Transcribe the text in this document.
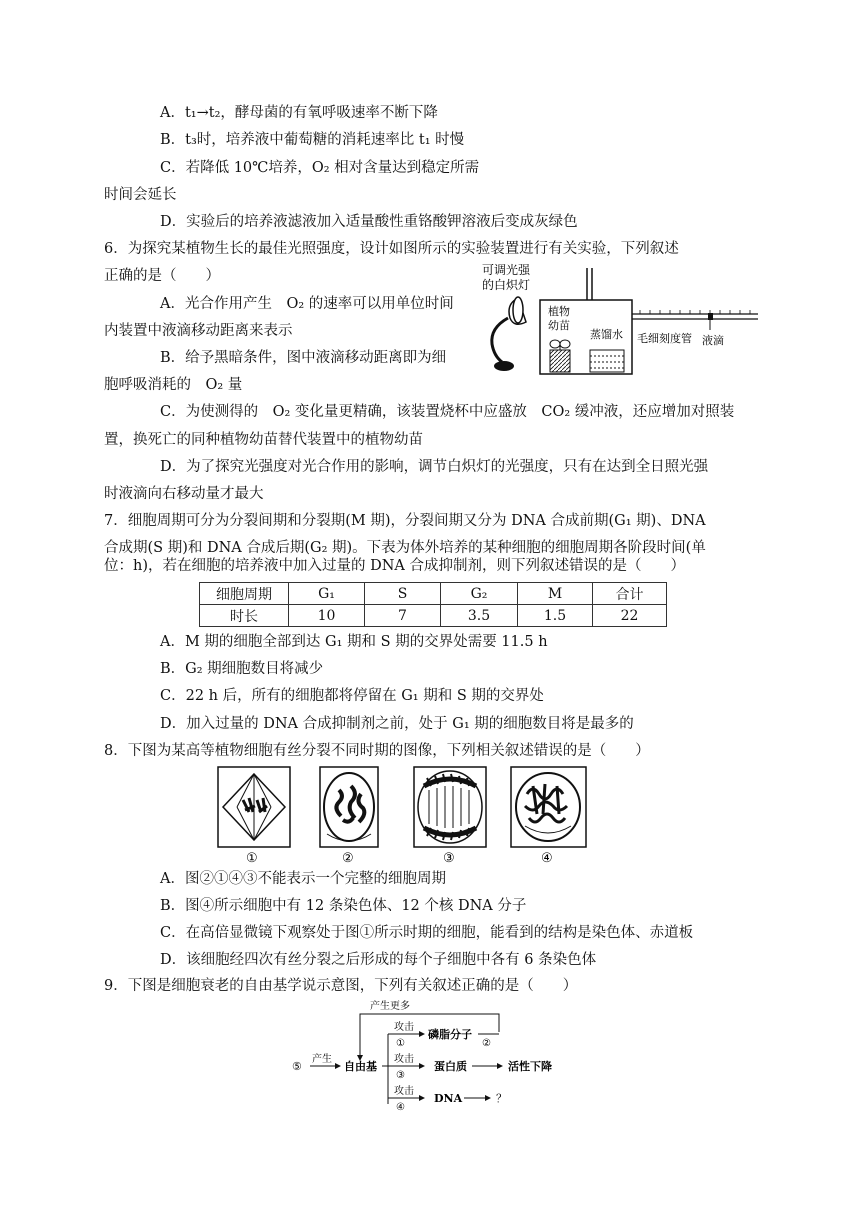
A．t₁→t₂，酵母菌的有氧呼吸速率不断下降
B．t₃时，培养液中葡萄糖的消耗速率比 t₁ 时慢
C．若降低 10℃培养，O₂ 相对含量达到稳定所需
时间会延长
D．实验后的培养液滤液加入适量酸性重铬酸钾溶液后变成灰绿色
6．为探究某植物生长的最佳光照强度，设计如图所示的实验装置进行有关实验，下列叙述
正确的是（　　）
A．光合作用产生　O₂ 的速率可以用单位时间
内装置中液滴移动距离来表示
B．给予黑暗条件，图中液滴移动距离即为细
胞呼吸消耗的　O₂ 量
C．为使测得的　O₂ 变化量更精确，该装置烧杯中应盛放　CO₂ 缓冲液，还应增加对照装
置，换死亡的同种植物幼苗替代装置中的植物幼苗
D．为了探究光强度对光合作用的影响，调节白炽灯的光强度，只有在达到全日照光强
时液滴向右移动量才最大
7．细胞周期可分为分裂间期和分裂期(M 期)，分裂间期又分为 DNA 合成前期(G₁ 期)、DNA
合成期(S 期)和 DNA 合成后期(G₂ 期)。下表为体外培养的某种细胞的细胞周期各阶段时间(单
位：h)，若在细胞的培养液中加入过量的 DNA 合成抑制剂，则下列叙述错误的是（　　）
细胞周期	G₁	S	G₂	M	合计
时长	10	7	3.5	1.5	22
A．M 期的细胞全部到达 G₁ 期和 S 期的交界处需要 11.5 h
B．G₂ 期细胞数目将减少
C．22 h 后，所有的细胞都将停留在 G₁ 期和 S 期的交界处
D．加入过量的 DNA 合成抑制剂之前，处于 G₁ 期的细胞数目将是最多的
8．下图为某高等植物细胞有丝分裂不同时期的图像，下列相关叙述错误的是（　　）
A．图②①④③不能表示一个完整的细胞周期
B．图④所示细胞中有 12 条染色体、12 个核 DNA 分子
C．在高倍显微镜下观察处于图①所示时期的细胞，能看到的结构是染色体、赤道板
D．该细胞经四次有丝分裂之后形成的每个子细胞中各有 6 条染色体
9．下图是细胞衰老的自由基学说示意图，下列有关叙述正确的是（　　）
可调光强
的白炽灯
植物
幼苗
蒸馏水 毛细刻度管 液滴
①	②	③	④
产生更多
⑤
产生
自由基
攻击
①
磷脂分子
②
攻击
③
蛋白质	活性下降
攻击
④
DNA	？
